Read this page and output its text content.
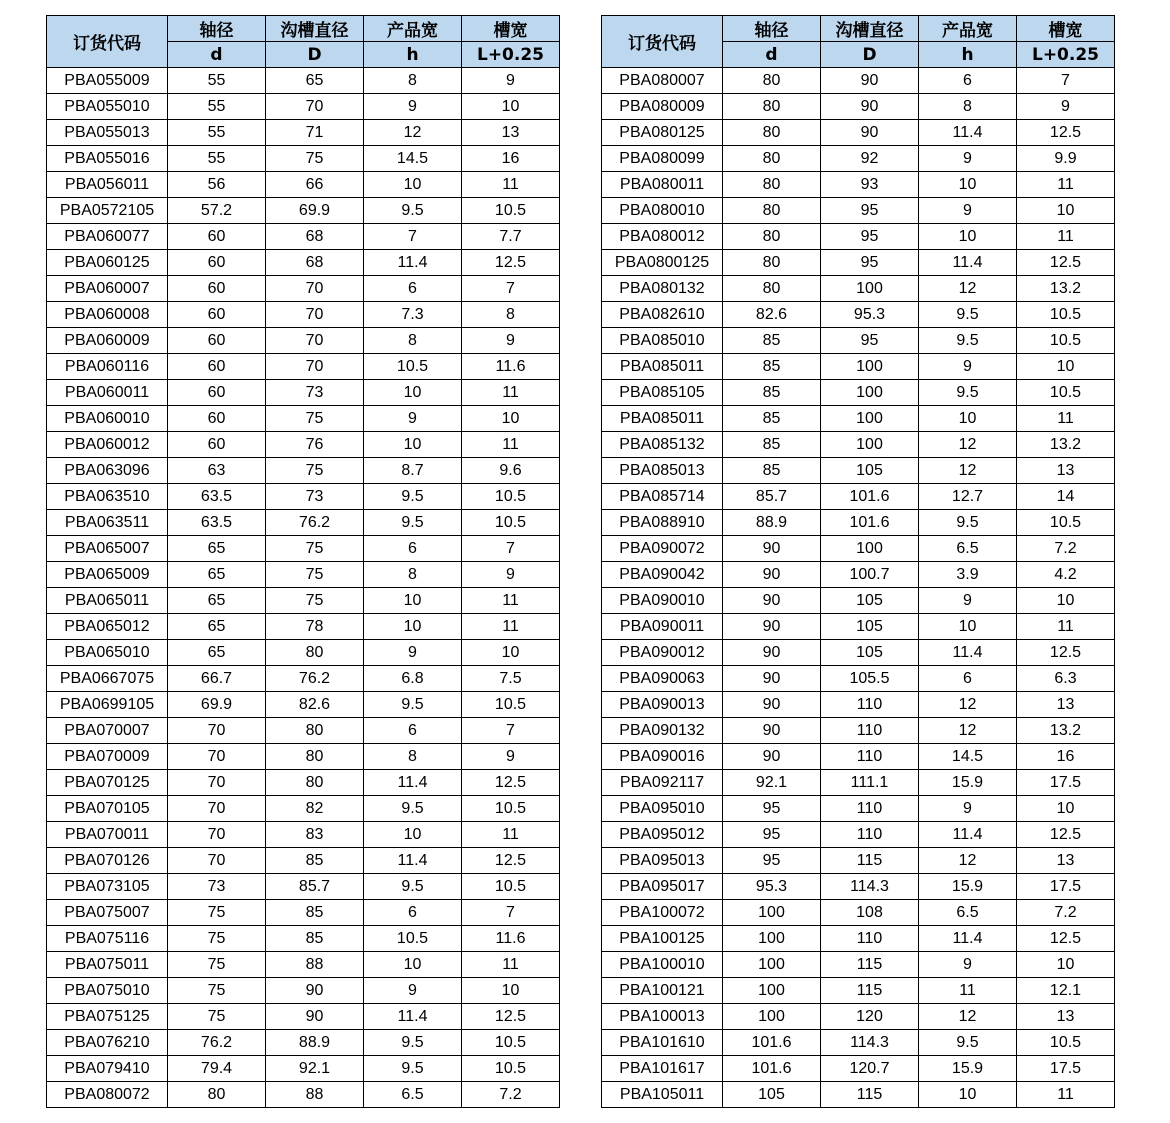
订货代码	轴径	沟槽直径	产品宽	槽宽
	d	D	h	L+0.25
PBA055009	55	65	8	9
PBA055010	55	70	9	10
PBA055013	55	71	12	13
PBA055016	55	75	14.5	16
PBA056011	56	66	10	11
PBA0572105	57.2	69.9	9.5	10.5
PBA060077	60	68	7	7.7
PBA060125	60	68	11.4	12.5
PBA060007	60	70	6	7
PBA060008	60	70	7.3	8
PBA060009	60	70	8	9
PBA060116	60	70	10.5	11.6
PBA060011	60	73	10	11
PBA060010	60	75	9	10
PBA060012	60	76	10	11
PBA063096	63	75	8.7	9.6
PBA063510	63.5	73	9.5	10.5
PBA063511	63.5	76.2	9.5	10.5
PBA065007	65	75	6	7
PBA065009	65	75	8	9
PBA065011	65	75	10	11
PBA065012	65	78	10	11
PBA065010	65	80	9	10
PBA0667075	66.7	76.2	6.8	7.5
PBA0699105	69.9	82.6	9.5	10.5
PBA070007	70	80	6	7
PBA070009	70	80	8	9
PBA070125	70	80	11.4	12.5
PBA070105	70	82	9.5	10.5
PBA070011	70	83	10	11
PBA070126	70	85	11.4	12.5
PBA073105	73	85.7	9.5	10.5
PBA075007	75	85	6	7
PBA075116	75	85	10.5	11.6
PBA075011	75	88	10	11
PBA075010	75	90	9	10
PBA075125	75	90	11.4	12.5
PBA076210	76.2	88.9	9.5	10.5
PBA079410	79.4	92.1	9.5	10.5
PBA080072	80	88	6.5	7.2
订货代码	轴径	沟槽直径	产品宽	槽宽
	d	D	h	L+0.25
PBA080007	80	90	6	7
PBA080009	80	90	8	9
PBA080125	80	90	11.4	12.5
PBA080099	80	92	9	9.9
PBA080011	80	93	10	11
PBA080010	80	95	9	10
PBA080012	80	95	10	11
PBA0800125	80	95	11.4	12.5
PBA080132	80	100	12	13.2
PBA082610	82.6	95.3	9.5	10.5
PBA085010	85	95	9.5	10.5
PBA085011	85	100	9	10
PBA085105	85	100	9.5	10.5
PBA085011	85	100	10	11
PBA085132	85	100	12	13.2
PBA085013	85	105	12	13
PBA085714	85.7	101.6	12.7	14
PBA088910	88.9	101.6	9.5	10.5
PBA090072	90	100	6.5	7.2
PBA090042	90	100.7	3.9	4.2
PBA090010	90	105	9	10
PBA090011	90	105	10	11
PBA090012	90	105	11.4	12.5
PBA090063	90	105.5	6	6.3
PBA090013	90	110	12	13
PBA090132	90	110	12	13.2
PBA090016	90	110	14.5	16
PBA092117	92.1	111.1	15.9	17.5
PBA095010	95	110	9	10
PBA095012	95	110	11.4	12.5
PBA095013	95	115	12	13
PBA095017	95.3	114.3	15.9	17.5
PBA100072	100	108	6.5	7.2
PBA100125	100	110	11.4	12.5
PBA100010	100	115	9	10
PBA100121	100	115	11	12.1
PBA100013	100	120	12	13
PBA101610	101.6	114.3	9.5	10.5
PBA101617	101.6	120.7	15.9	17.5
PBA105011	105	115	10	11
